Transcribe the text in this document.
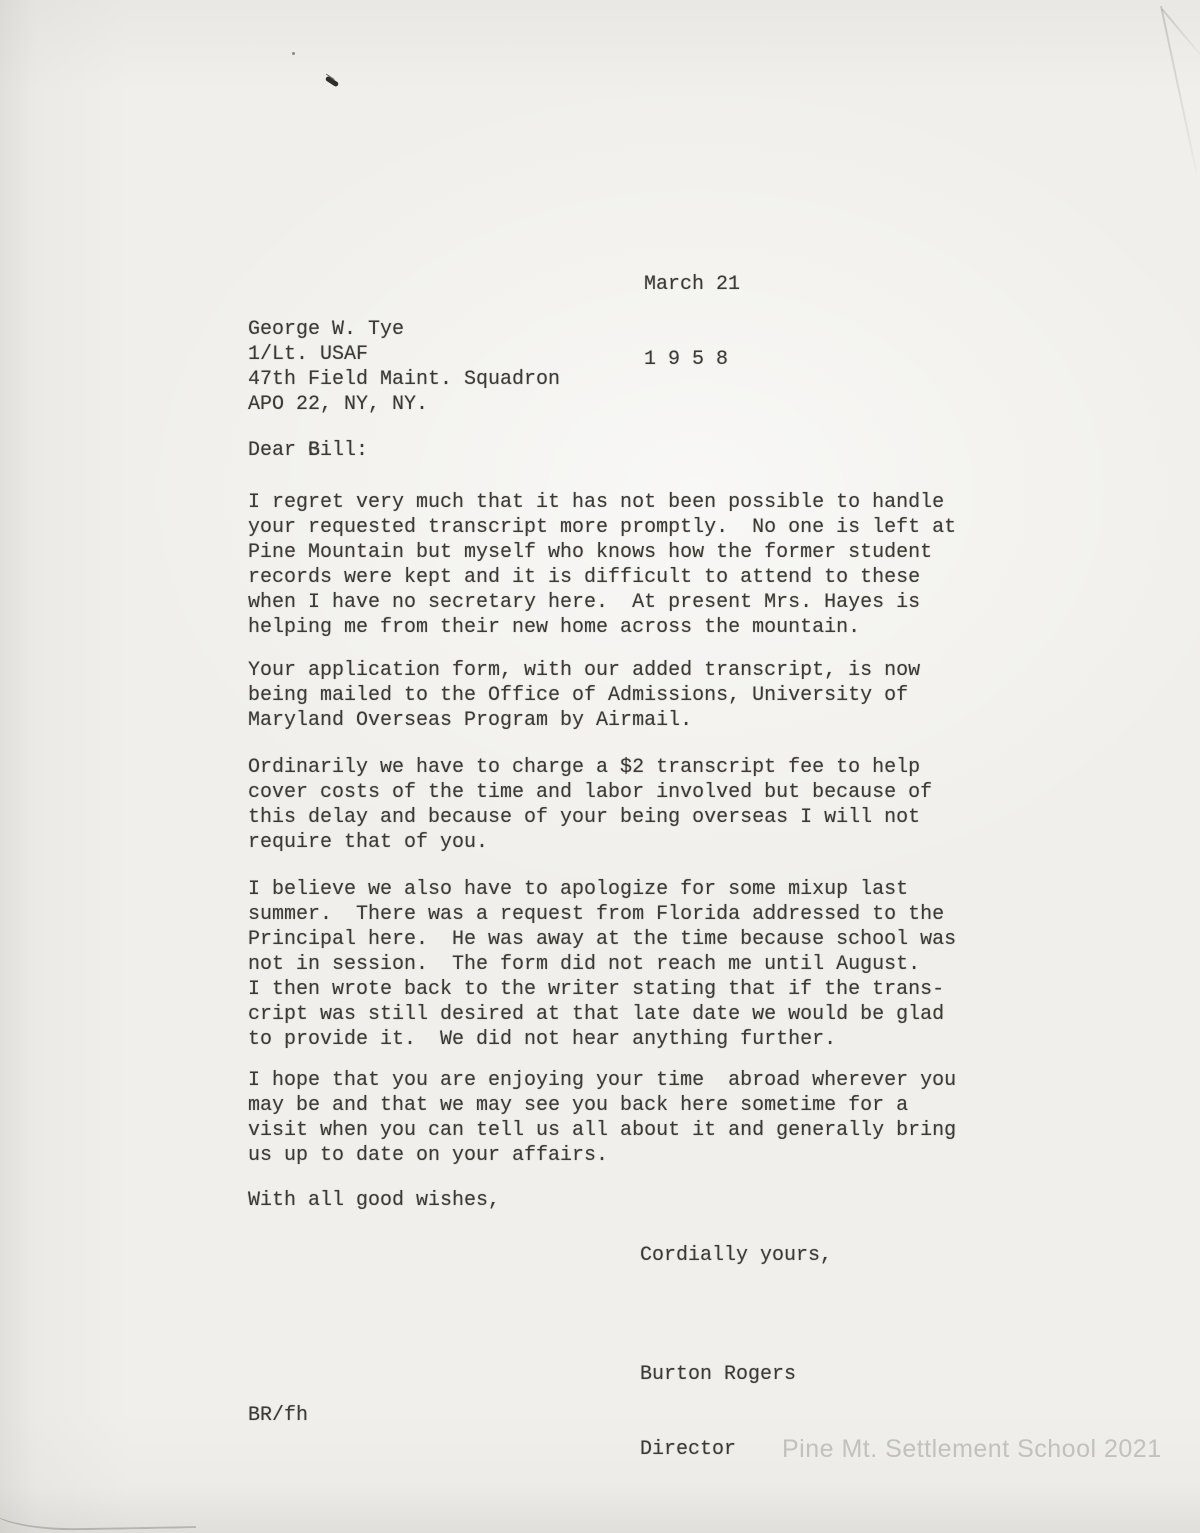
March 21

1 9 5 8

George W. Tye
1/Lt. USAF
47th Field Maint. Squadron
APO 22, NY, NY.
Dear G Bill:
I regret very much that it has not been possible to handle
your requested transcript more promptly.  No one is left at
Pine Mountain but myself who knows how the former student
records were kept and it is difficult to attend to these
when I have no secretary here.  At present Mrs. Hayes is
helping me from their new home across the mountain.
Your application form, with our added transcript, is now
being mailed to the Office of Admissions, University of
Maryland Overseas Program by Airmail.
Ordinarily we have to charge a $2 transcript fee to help
cover costs of the time and labor involved but because of
this delay and because of your being overseas I will not
require that of you.
I believe we also have to apologize for some mixup last
summer.  There was a request from Florida addressed to the
Principal here.  He was away at the time because school was
not in session.  The form did not reach me until August.
I then wrote back to the writer stating that if the trans-
cript was still desired at that late date we would be glad
to provide it.  We did not hear anything further.
I hope that you are enjoying your time  abroad wherever you
may be and that we may see you back here sometime for a
visit when you can tell us all about it and generally bring
us up to date on your affairs.
With all good wishes,
Cordially yours,

Burton Rogers

Director

BR/fh
Pine Mt. Settlement School 2021
